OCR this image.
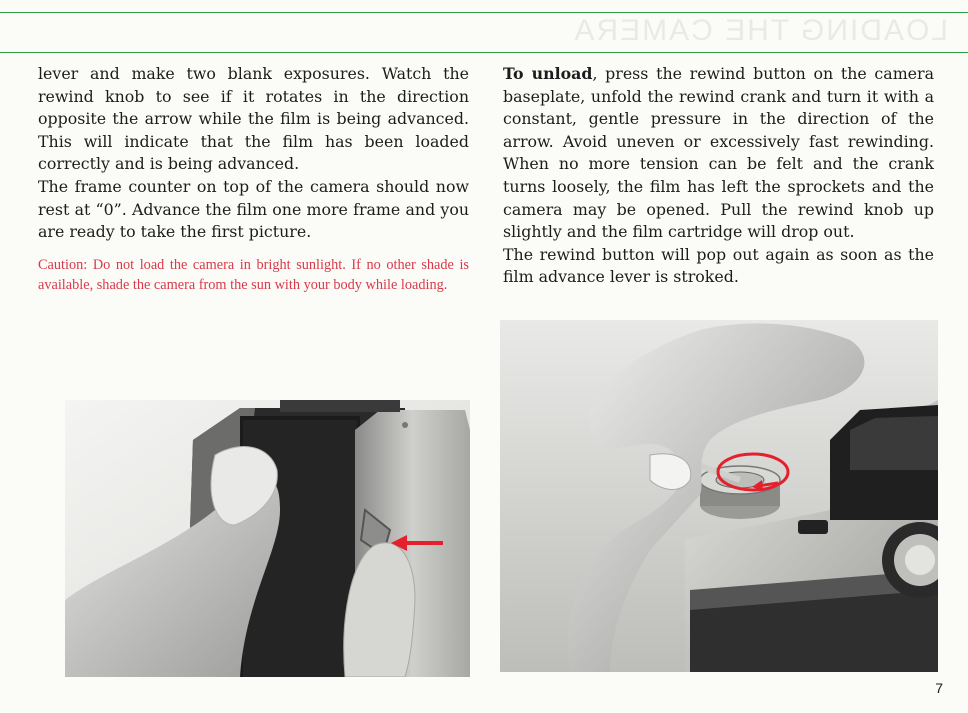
LOADING THE CAMERA

lever and make two blank exposures. Watch the rewind knob to see if it rotates in the direction opposite the arrow while the film is being advanced. This will indicate that the film has been loaded correctly and is being advanced.

The frame counter on top of the camera should now rest at “0”. Advance the film one more frame and you are ready to take the first picture.

Caution: Do not load the camera in bright sunlight. If no other shade is available, shade the camera from the sun with your body while loading.

To unload, press the rewind button on the camera baseplate, unfold the rewind crank and turn it with a constant, gentle pressure in the direction of the arrow. Avoid uneven or excessively fast rewinding. When no more tension can be felt and the crank turns loosely, the film has left the sprockets and the camera may be opened. Pull the rewind knob up slightly and the film cartridge will drop out.

The rewind button will pop out again as soon as the film advance lever is stroked.

7
